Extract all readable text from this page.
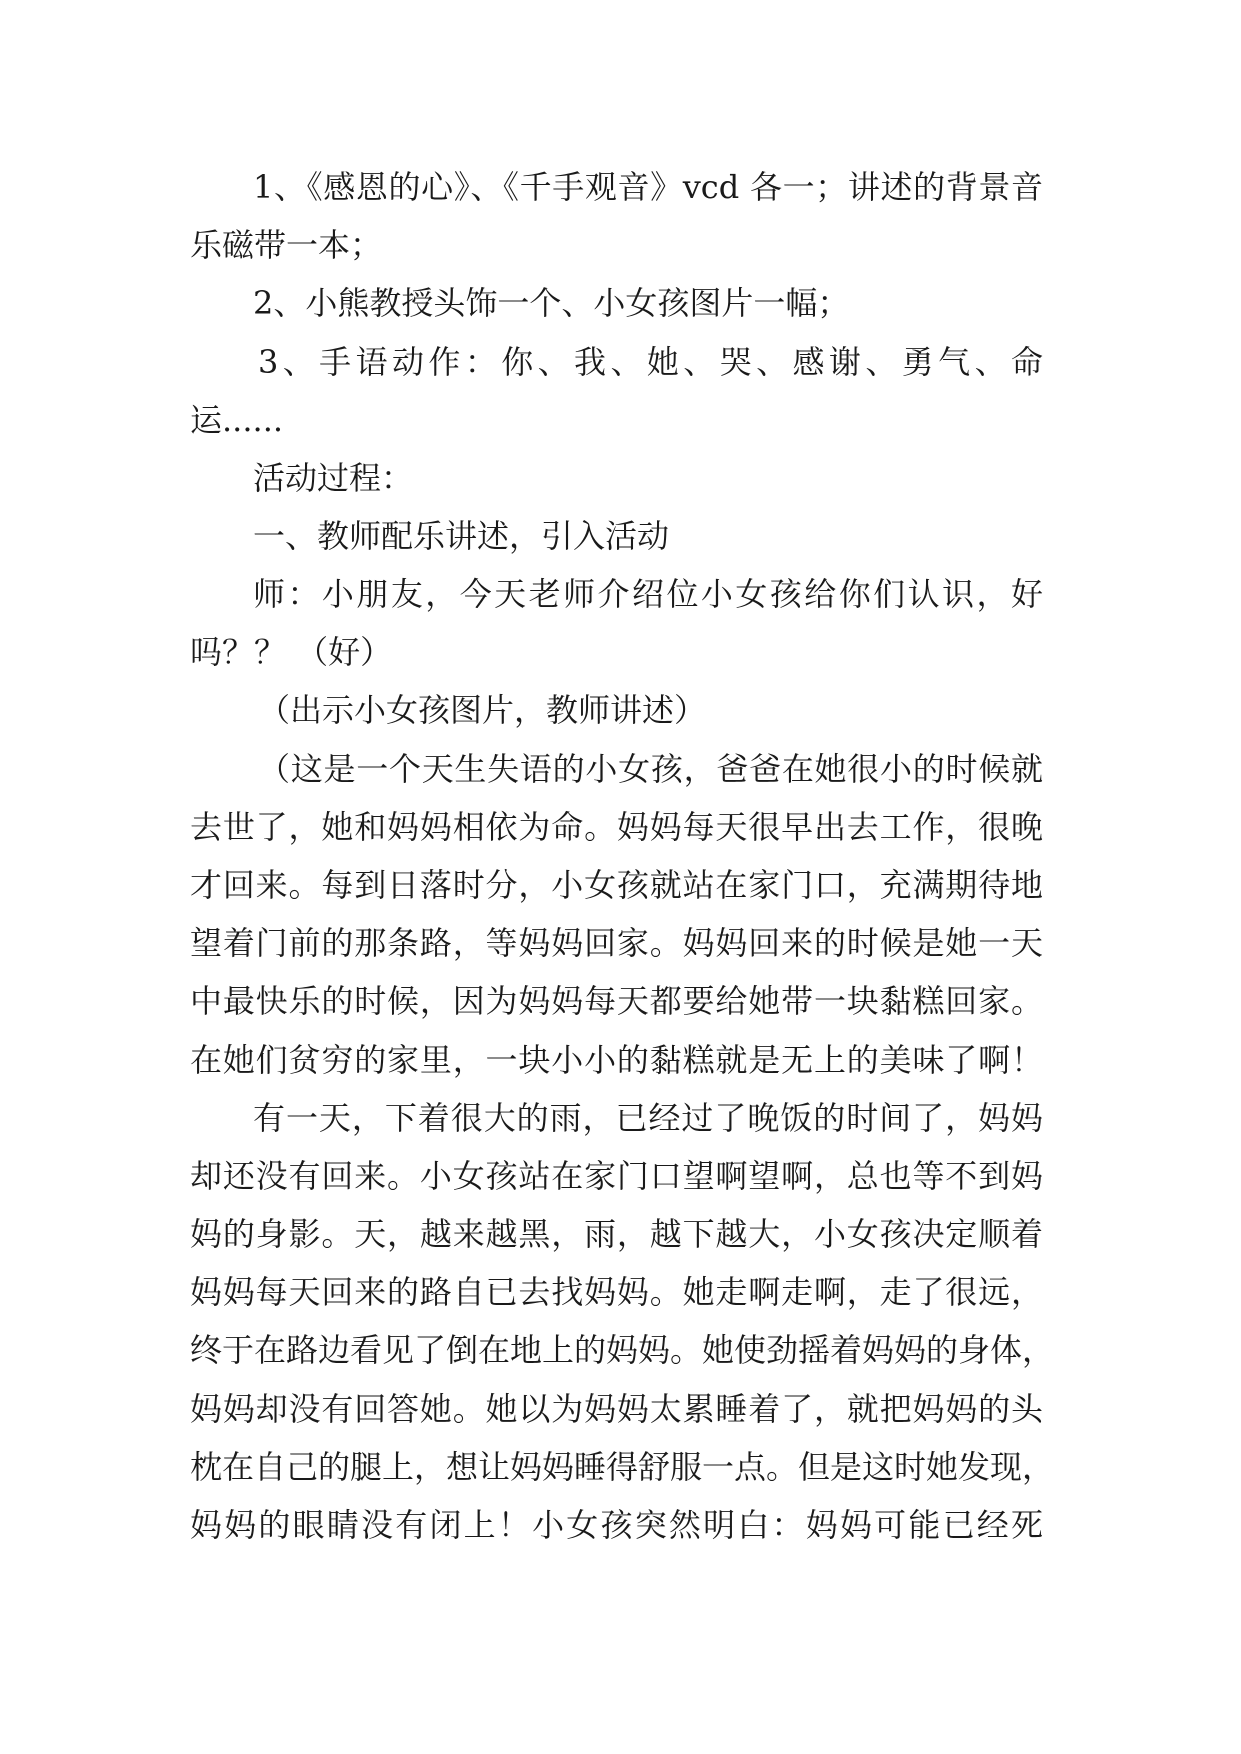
1、《感恩的心》、《千手观音》vcd 各一；讲述的背景音
乐磁带一本；
2、小熊教授头饰一个、小女孩图片一幅；
3、手语动作：你、我、她、哭、感谢、勇气、命
运......
活动过程：
一、教师配乐讲述，引入活动
师：小朋友，今天老师介绍位小女孩给你们认识，好
吗？？ （好）
（出示小女孩图片，教师讲述）
（这是一个天生失语的小女孩，爸爸在她很小的时候就
去世了，她和妈妈相依为命。妈妈每天很早出去工作，很晚
才回来。每到日落时分，小女孩就站在家门口，充满期待地
望着门前的那条路，等妈妈回家。妈妈回来的时候是她一天
中最快乐的时候，因为妈妈每天都要给她带一块黏糕回家。
在她们贫穷的家里，一块小小的黏糕就是无上的美味了啊！
有一天，下着很大的雨，已经过了晚饭的时间了，妈妈
却还没有回来。小女孩站在家门口望啊望啊，总也等不到妈
妈的身影。天，越来越黑，雨，越下越大，小女孩决定顺着
妈妈每天回来的路自已去找妈妈。她走啊走啊，走了很远，
终于在路边看见了倒在地上的妈妈。她使劲摇着妈妈的身体，
妈妈却没有回答她。她以为妈妈太累睡着了，就把妈妈的头
枕在自己的腿上，想让妈妈睡得舒服一点。但是这时她发现，
妈妈的眼睛没有闭上！小女孩突然明白：妈妈可能已经死
